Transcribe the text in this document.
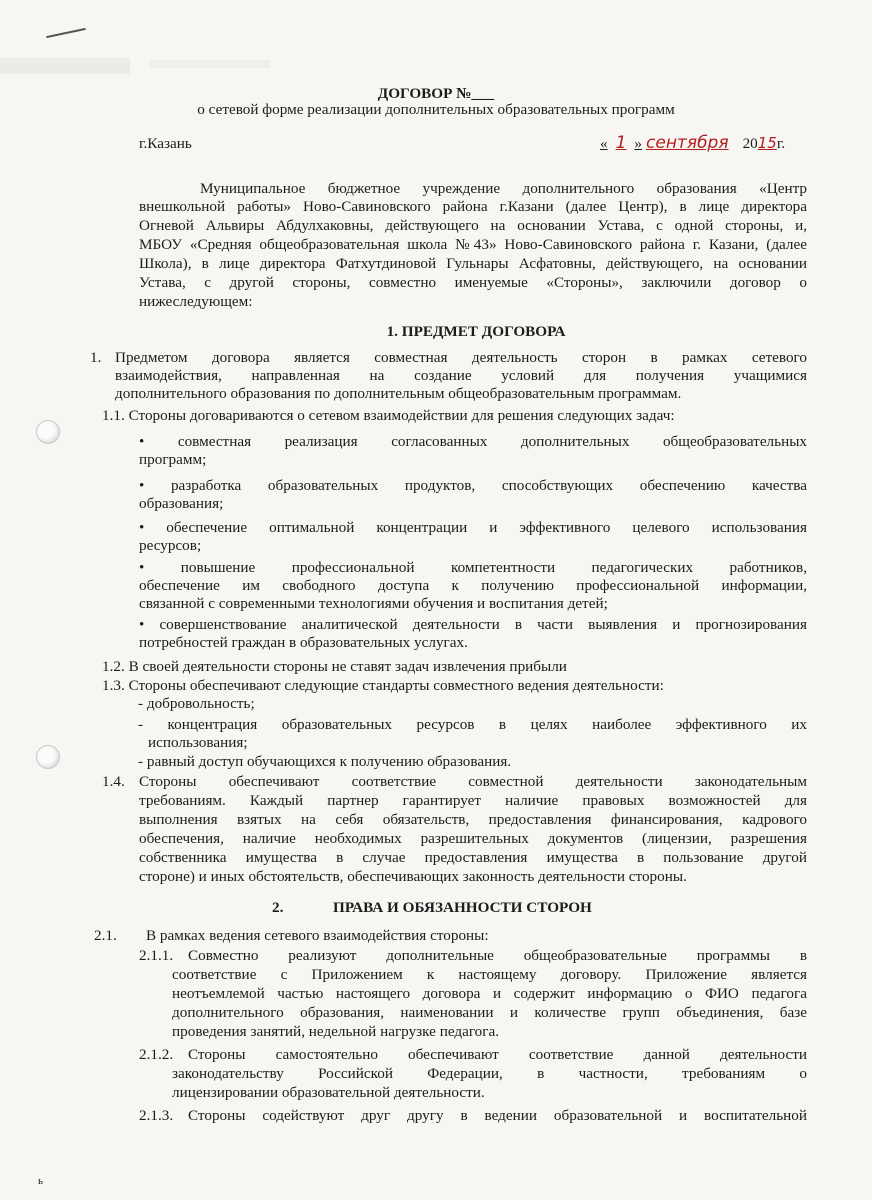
ДОГОВОР №___
о сетевой форме реализации дополнительных образовательных программ
г.Казань	« 1 » сентября 2015г.
Муниципальное бюджетное учреждение дополнительного образования «Центр
внешкольной работы» Ново-Савиновского района г.Казани (далее Центр), в лице директора
Огневой Альвиры Абдулхаковны, действующего на основании Устава, с одной стороны, и,
МБОУ «Средняя общеобразовательная школа №43» Ново-Савиновского района г. Казани, (далее
Школа), в лице директора Фатхутдиновой Гульнары Асфатовны, действующего, на основании
Устава, с другой стороны, совместно именуемые «Стороны», заключили договор о
нижеследующем:
1. ПРЕДМЕТ ДОГОВОРА
1. Предметом договора является совместная деятельность сторон в рамках сетевого
взаимодействия, направленная на создание условий для получения учащимися
дополнительного образования по дополнительным общеобразовательным программам.
1.1. Стороны договариваются о сетевом взаимодействии для решения следующих задач:
• совместная реализация согласованных дополнительных общеобразовательных
программ;
• разработка образовательных продуктов, способствующих обеспечению качества
образования;
• обеспечение оптимальной концентрации и эффективного целевого использования
ресурсов;
• повышение профессиональной компетентности педагогических работников,
обеспечение им свободного доступа к получению профессиональной информации,
связанной с современными технологиями обучения и воспитания детей;
• совершенствование аналитической деятельности в части выявления и прогнозирования
потребностей граждан в образовательных услугах.
1.2. В своей деятельности стороны не ставят задач извлечения прибыли
1.3. Стороны обеспечивают следующие стандарты совместного ведения деятельности:
- добровольность;
- концентрация образовательных ресурсов в целях наиболее эффективного их
использования;
- равный доступ обучающихся к получению образования.
1.4. Стороны обеспечивают соответствие совместной деятельности законодательным
требованиям. Каждый партнер гарантирует наличие правовых возможностей для
выполнения взятых на себя обязательств, предоставления финансирования, кадрового
обеспечения, наличие необходимых разрешительных документов (лицензии, разрешения
собственника имущества в случае предоставления имущества в пользование другой
стороне) и иных обстоятельств, обеспечивающих законность деятельности стороны.
2.	ПРАВА И ОБЯЗАННОСТИ СТОРОН
2.1. В рамках ведения сетевого взаимодействия стороны:
2.1.1. Совместно реализуют дополнительные общеобразовательные программы в
соответствие с Приложением к настоящему договору. Приложение является
неотъемлемой частью настоящего договора и содержит информацию о ФИО педагога
дополнительного образования, наименовании и количестве групп объединения, базе
проведения занятий, недельной нагрузке педагога.
2.1.2. Стороны самостоятельно обеспечивают соответствие данной деятельности
законодательству Российской Федерации, в частности, требованиям о
лицензировании образовательной деятельности.
2.1.3. Стороны содействуют друг другу в ведении образовательной и воспитательной
ь
